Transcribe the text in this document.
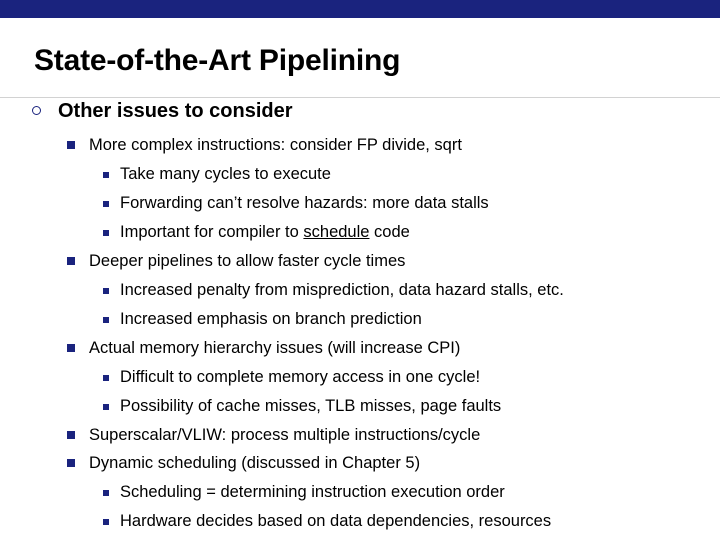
State-of-the-Art Pipelining
Other issues to consider
More complex instructions: consider FP divide, sqrt
Take many cycles to execute
Forwarding can’t resolve hazards: more data stalls
Important for compiler to schedule code
Deeper pipelines to allow faster cycle times
Increased penalty from misprediction, data hazard stalls, etc.
Increased emphasis on branch prediction
Actual memory hierarchy issues (will increase CPI)
Difficult to complete memory access in one cycle!
Possibility of cache misses, TLB misses, page faults
Superscalar/VLIW: process multiple instructions/cycle
Dynamic scheduling (discussed in Chapter 5)
Scheduling = determining instruction execution order
Hardware decides based on data dependencies, resources
